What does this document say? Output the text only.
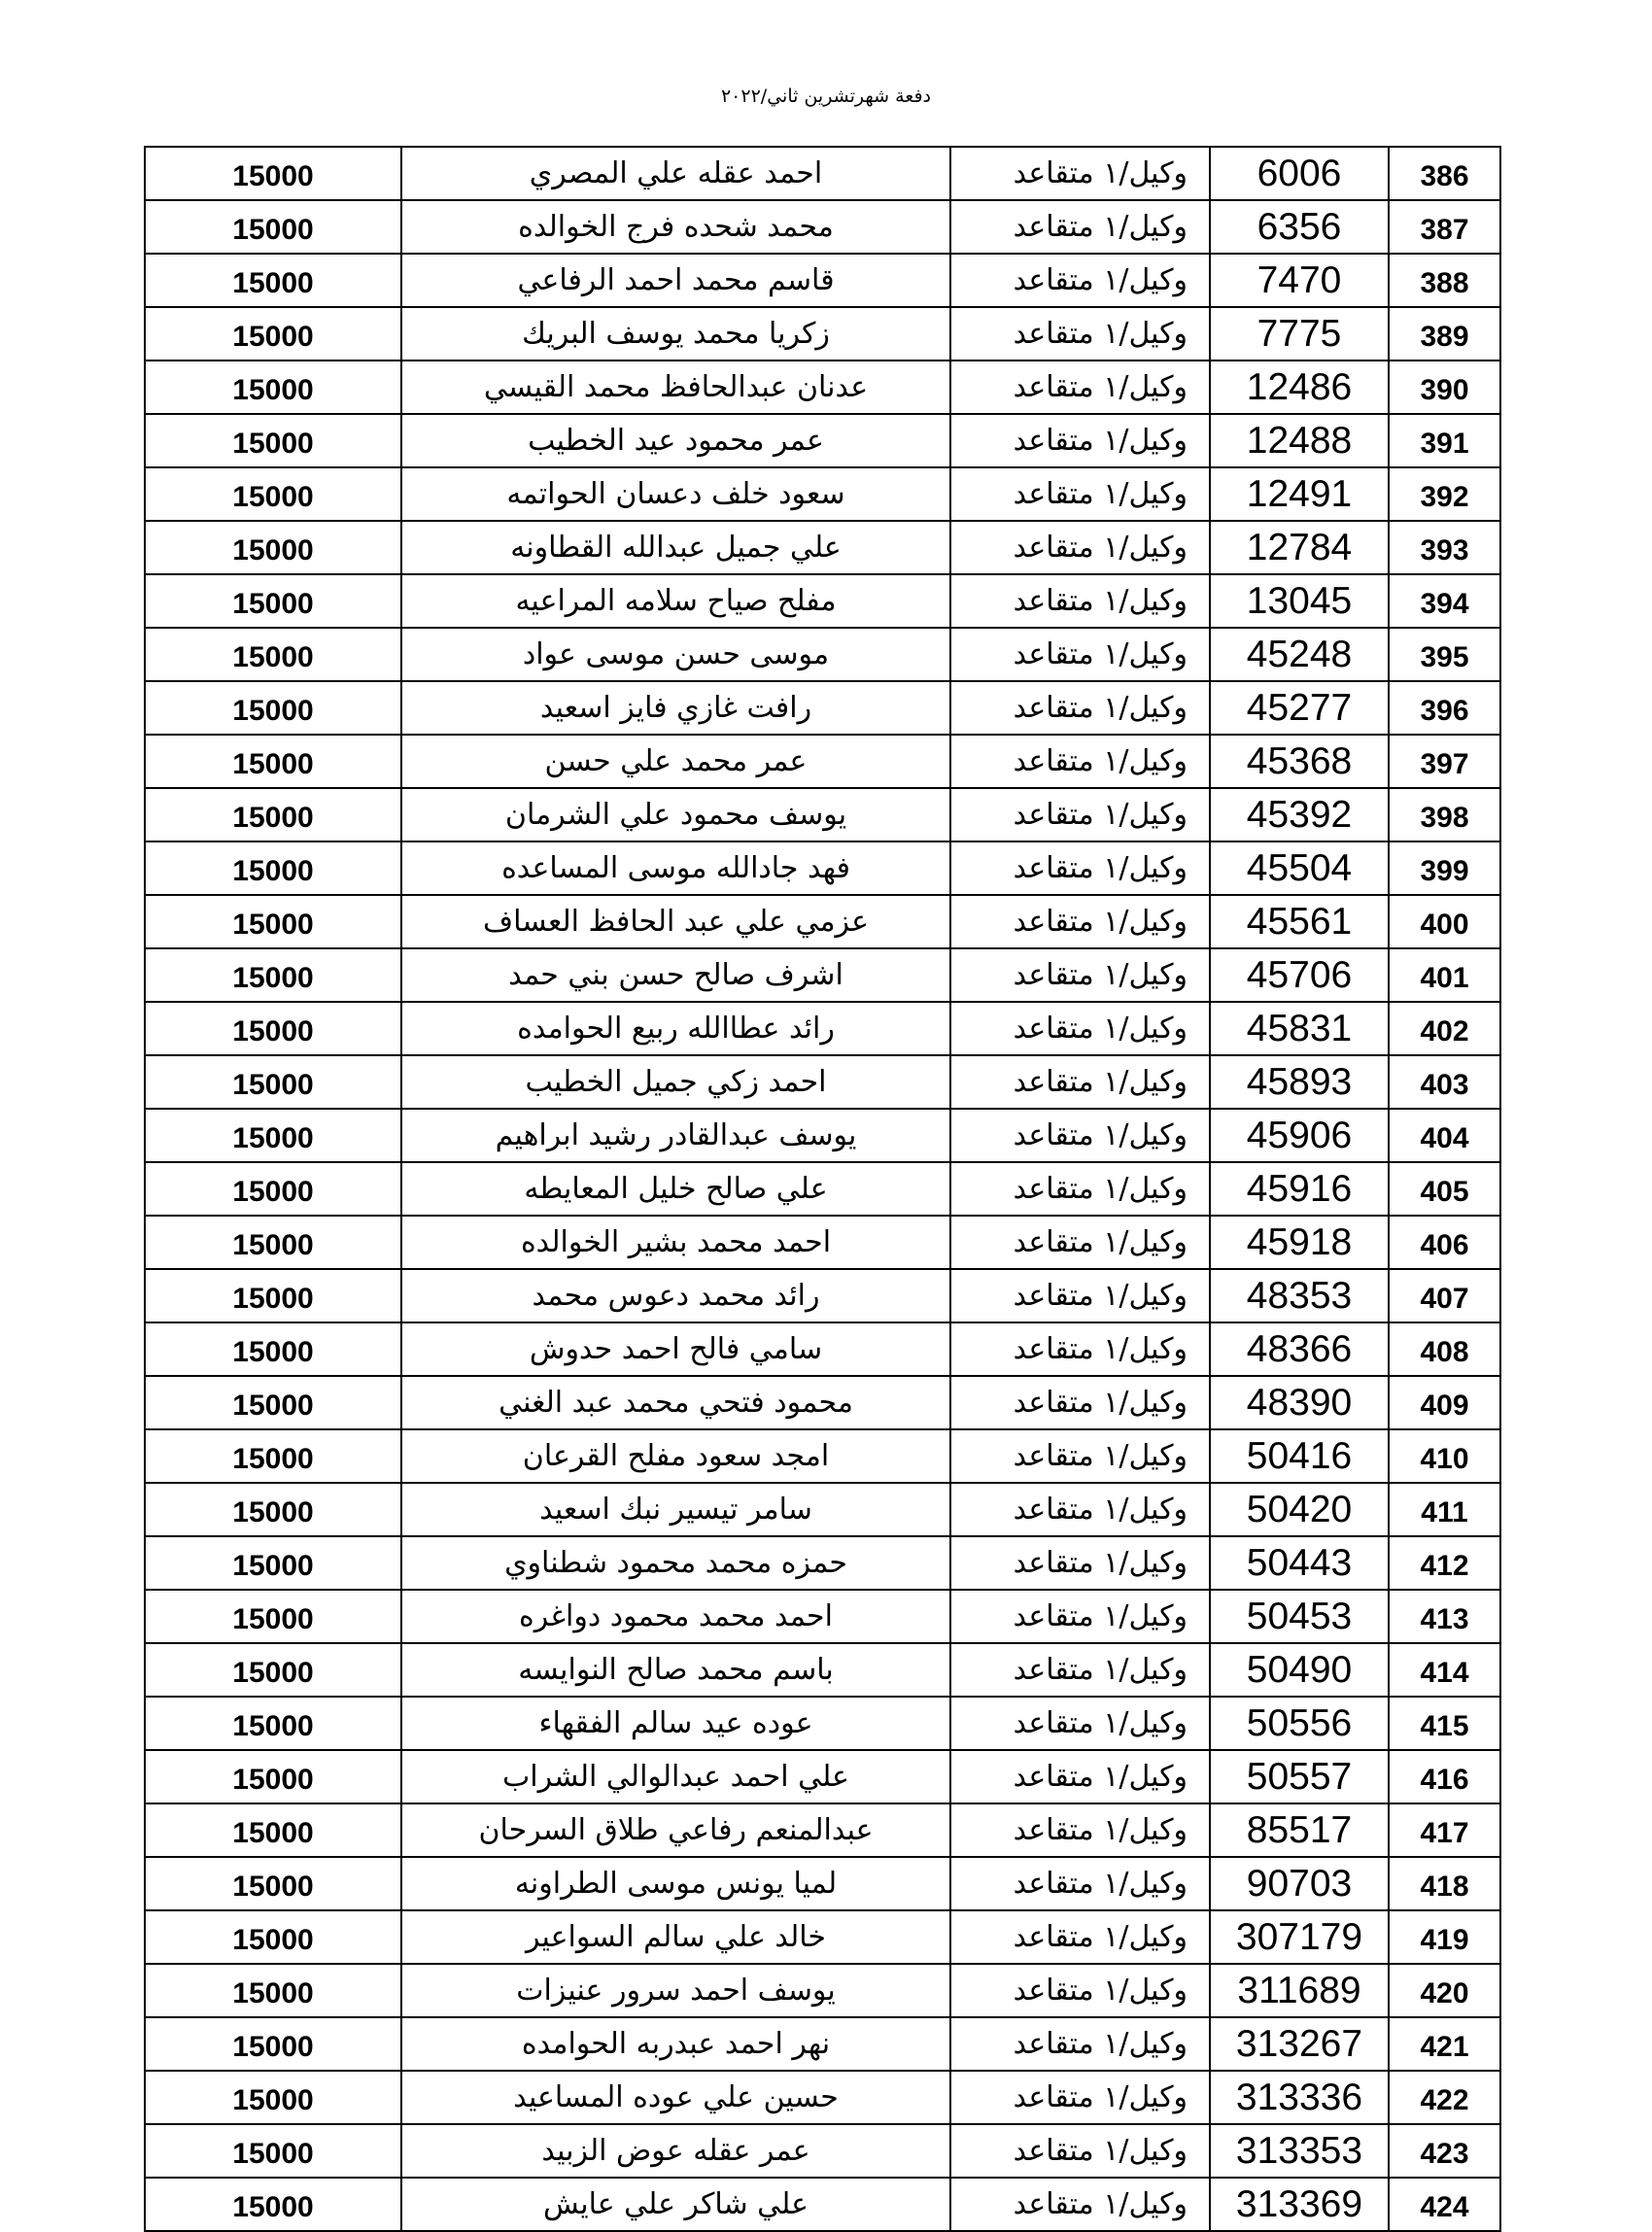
دفعة شهرتشرين ثاني/٢٠٢٢
15000	احمد عقله علي المصري	وكيل/١ متقاعد	6006	386
15000	محمد شحده فرج الخوالده	وكيل/١ متقاعد	6356	387
15000	قاسم محمد احمد الرفاعي	وكيل/١ متقاعد	7470	388
15000	زكريا محمد يوسف البريك	وكيل/١ متقاعد	7775	389
15000	عدنان عبدالحافظ محمد القيسي	وكيل/١ متقاعد	12486	390
15000	عمر محمود عيد الخطيب	وكيل/١ متقاعد	12488	391
15000	سعود خلف دعسان الحواتمه	وكيل/١ متقاعد	12491	392
15000	علي جميل عبدالله القطاونه	وكيل/١ متقاعد	12784	393
15000	مفلح صياح سلامه المراعيه	وكيل/١ متقاعد	13045	394
15000	موسى حسن موسى عواد	وكيل/١ متقاعد	45248	395
15000	رافت غازي فايز اسعيد	وكيل/١ متقاعد	45277	396
15000	عمر محمد علي حسن	وكيل/١ متقاعد	45368	397
15000	يوسف محمود علي الشرمان	وكيل/١ متقاعد	45392	398
15000	فهد جادالله موسى المساعده	وكيل/١ متقاعد	45504	399
15000	عزمي علي عبد الحافظ العساف	وكيل/١ متقاعد	45561	400
15000	اشرف صالح حسن بني حمد	وكيل/١ متقاعد	45706	401
15000	رائد عطاالله ربيع الحوامده	وكيل/١ متقاعد	45831	402
15000	احمد زكي جميل الخطيب	وكيل/١ متقاعد	45893	403
15000	يوسف عبدالقادر رشيد ابراهيم	وكيل/١ متقاعد	45906	404
15000	علي صالح خليل المعايطه	وكيل/١ متقاعد	45916	405
15000	احمد محمد بشير الخوالده	وكيل/١ متقاعد	45918	406
15000	رائد محمد دعوس محمد	وكيل/١ متقاعد	48353	407
15000	سامي فالح احمد حدوش	وكيل/١ متقاعد	48366	408
15000	محمود فتحي محمد عبد الغني	وكيل/١ متقاعد	48390	409
15000	امجد سعود مفلح القرعان	وكيل/١ متقاعد	50416	410
15000	سامر تيسير نبك اسعيد	وكيل/١ متقاعد	50420	411
15000	حمزه محمد محمود شطناوي	وكيل/١ متقاعد	50443	412
15000	احمد محمد محمود دواغره	وكيل/١ متقاعد	50453	413
15000	باسم محمد صالح النوايسه	وكيل/١ متقاعد	50490	414
15000	عوده عيد سالم الفقهاء	وكيل/١ متقاعد	50556	415
15000	علي احمد عبدالوالي الشراب	وكيل/١ متقاعد	50557	416
15000	عبدالمنعم رفاعي طلاق السرحان	وكيل/١ متقاعد	85517	417
15000	لميا يونس موسى الطراونه	وكيل/١ متقاعد	90703	418
15000	خالد علي سالم السواعير	وكيل/١ متقاعد	307179	419
15000	يوسف احمد سرور عنيزات	وكيل/١ متقاعد	311689	420
15000	نهر احمد عبدربه الحوامده	وكيل/١ متقاعد	313267	421
15000	حسين علي عوده المساعيد	وكيل/١ متقاعد	313336	422
15000	عمر عقله عوض الزبيد	وكيل/١ متقاعد	313353	423
15000	علي شاكر علي عايش	وكيل/١ متقاعد	313369	424
